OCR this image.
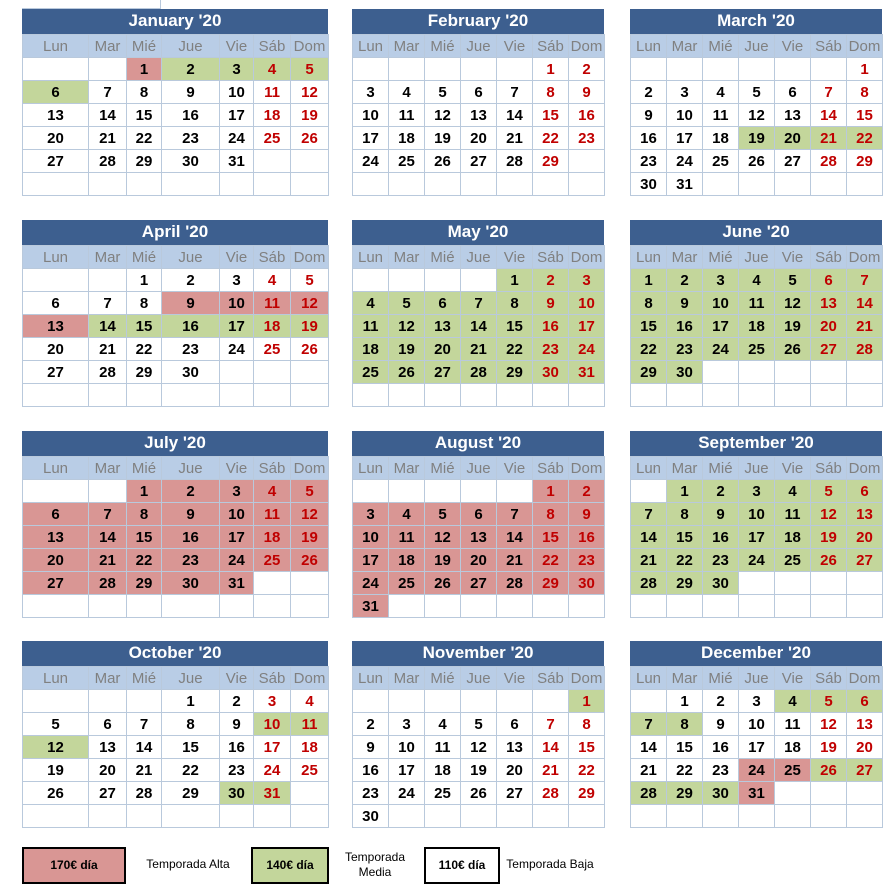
January '20
Lun	Mar	Mié	Jue	Vie	Sáb	Dom
		1	2	3	4	5
6	7	8	9	10	11	12
13	14	15	16	17	18	19
20	21	22	23	24	25	26
27	28	29	30	31		

February '20
Lun	Mar	Mié	Jue	Vie	Sáb	Dom
					1	2
3	4	5	6	7	8	9
10	11	12	13	14	15	16
17	18	19	20	21	22	23
24	25	26	27	28	29	

March '20
Lun	Mar	Mié	Jue	Vie	Sáb	Dom
						1
2	3	4	5	6	7	8
9	10	11	12	13	14	15
16	17	18	19	20	21	22
23	24	25	26	27	28	29
30	31					
April '20
Lun	Mar	Mié	Jue	Vie	Sáb	Dom
		1	2	3	4	5
6	7	8	9	10	11	12
13	14	15	16	17	18	19
20	21	22	23	24	25	26
27	28	29	30			

May '20
Lun	Mar	Mié	Jue	Vie	Sáb	Dom
				1	2	3
4	5	6	7	8	9	10
11	12	13	14	15	16	17
18	19	20	21	22	23	24
25	26	27	28	29	30	31

June '20
Lun	Mar	Mié	Jue	Vie	Sáb	Dom
1	2	3	4	5	6	7
8	9	10	11	12	13	14
15	16	17	18	19	20	21
22	23	24	25	26	27	28
29	30					

July '20
Lun	Mar	Mié	Jue	Vie	Sáb	Dom
		1	2	3	4	5
6	7	8	9	10	11	12
13	14	15	16	17	18	19
20	21	22	23	24	25	26
27	28	29	30	31		

August '20
Lun	Mar	Mié	Jue	Vie	Sáb	Dom
					1	2
3	4	5	6	7	8	9
10	11	12	13	14	15	16
17	18	19	20	21	22	23
24	25	26	27	28	29	30
31						
September '20
Lun	Mar	Mié	Jue	Vie	Sáb	Dom
	1	2	3	4	5	6
7	8	9	10	11	12	13
14	15	16	17	18	19	20
21	22	23	24	25	26	27
28	29	30				

October '20
Lun	Mar	Mié	Jue	Vie	Sáb	Dom
			1	2	3	4
5	6	7	8	9	10	11
12	13	14	15	16	17	18
19	20	21	22	23	24	25
26	27	28	29	30	31	

November '20
Lun	Mar	Mié	Jue	Vie	Sáb	Dom
						1
2	3	4	5	6	7	8
9	10	11	12	13	14	15
16	17	18	19	20	21	22
23	24	25	26	27	28	29
30						
December '20
Lun	Mar	Mié	Jue	Vie	Sáb	Dom
	1	2	3	4	5	6
7	8	9	10	11	12	13
14	15	16	17	18	19	20
21	22	23	24	25	26	27
28	29	30	31			

170€ día	Temporada Alta	140€ día
Temporada
Media	110€ día	Temporada Baja
